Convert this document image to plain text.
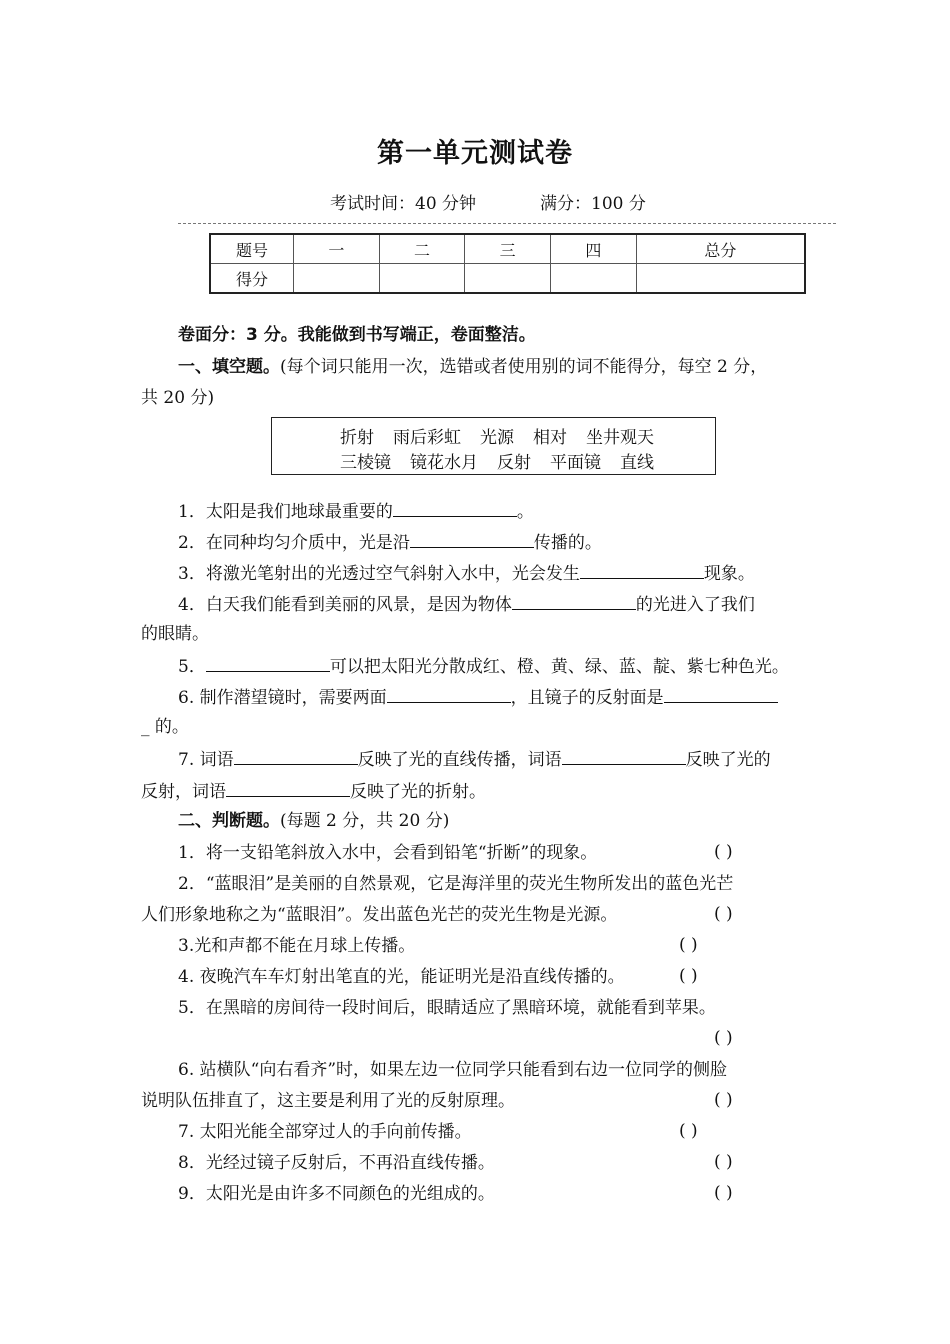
第一单元测试卷
考试时间：40 分钟	满分：100 分
题号	一	二	三	四	总分
得分					
卷面分：3 分。我能做到书写端正，卷面整洁。
一、填空题。(每个词只能用一次，选错或者使用别的词不能得分，每空 2 分，
共 20 分)
折射 雨后彩虹 光源 相对 坐井观天
三棱镜 镜花水月 反射 平面镜 直线
1．太阳是我们地球最重要的	。
2．在同种均匀介质中，光是沿	传播的。
3．将激光笔射出的光透过空气斜射入水中，光会发生	现象。
4．白天我们能看到美丽的风景，是因为物体	的光进入了我们
的眼睛。
5．	可以把太阳光分散成红、橙、黄、绿、蓝、靛、紫七种色光。
6. 制作潜望镜时，需要两面	，且镜子的反射面是
_ 的。
7. 词语	反映了光的直线传播，词语	反映了光的
反射，词语	反映了光的折射。
二、判断题。(每题 2 分，共 20 分)
1．将一支铅笔斜放入水中，会看到铅笔“折断”的现象。	( )
2．“蓝眼泪”是美丽的自然景观，它是海洋里的荧光生物所发出的蓝色光芒
人们形象地称之为“蓝眼泪”。发出蓝色光芒的荧光生物是光源。	( )
3.光和声都不能在月球上传播。	( )
4. 夜晚汽车车灯射出笔直的光，能证明光是沿直线传播的。	( )
5．在黑暗的房间待一段时间后，眼睛适应了黑暗环境，就能看到苹果。
( )
6. 站横队“向右看齐”时，如果左边一位同学只能看到右边一位同学的侧脸
说明队伍排直了，这主要是利用了光的反射原理。	( )
7. 太阳光能全部穿过人的手向前传播。	( )
8．光经过镜子反射后，不再沿直线传播。	( )
9．太阳光是由许多不同颜色的光组成的。	( )
